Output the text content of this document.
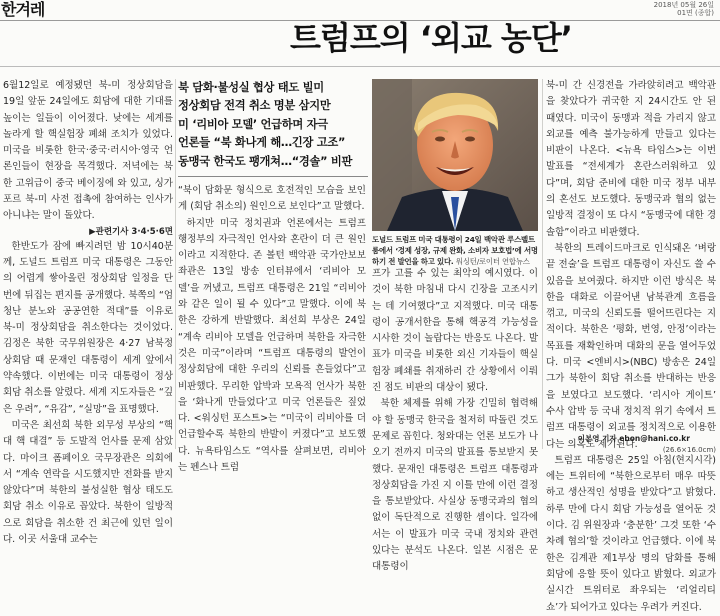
한겨레	2018년 05월 26일
01면 (종합)
트럼프의 ‘외교 농단’

6월12일로 예정됐던 북-미 정상회담을 19일 앞둔 24일에도 회담에 대한 기대를 높이는 일들이 이어졌다. 낮에는 세계를 놀라게 할 핵실험장 폐쇄 조치가 있었다. 미국을 비롯한 한국·중국·러시아·영국 언론인들이 현장을 목격했다. 저녁에는 북한 고위급이 중국 베이징에 와 있고, 싱가포르 북-미 사전 접촉에 참여하는 인사가 아니냐는 말이 돌았다.

▶관련기사 3·4·5·6면

한반도가 잠에 빠지려던 밤 10시40분께, 도널드 트럼프 미국 대통령은 그동안의 어렵게 쌓아올린 정상회담 일정을 단번에 뒤집는 편지를 공개했다. 북쪽의 “엄청난 분노와 공공연한 적대”를 이유로 북-미 정상회담을 취소한다는 것이었다. 김정은 북한 국무위원장은 4·27 남북정상회담 때 문재인 대통령이 세계 앞에서 약속했다. 이번에는 미국 대통령이 정상회담 취소를 알렸다. 세계 지도자들은 “깊은 우려”, “유감”, “실망”을 표명했다.

미국은 최선희 북한 외무성 부상의 “핵 대 핵 대결” 등 도발적 언사를 문제 삼았다. 마이크 폼페이오 국무장관은 의회에서 “계속 연락을 시도했지만 전화를 받지 않았다”며 북한의 불성실한 협상 태도도 회담 취소 이유로 꼽았다. 북한이 일방적으로 회담을 취소한 건 최근에 있던 일이다. 이곳 서울대 교수는

북 담화·불성실 협상 태도 빌미
정상회담 전격 취소 명분 삼지만
미 ‘리비아 모델’ 언급하며 자극
언론들 “북 화나게 해…긴장 고조”
동맹국 한국도 팽개쳐…“경솔” 비판

“북이 담화문 형식으로 호전적인 모습을 보인 게 (회담 취소의) 원인으로 보인다”고 말했다.

하지만 미국 정치권과 언론에서는 트럼프 행정부의 자극적인 언사와 혼란이 더 큰 원인이라고 지적한다. 존 볼턴 백악관 국가안보보좌관은 13일 방송 인터뷰에서 ‘리비아 모델’을 꺼냈고, 트럼프 대통령은 21일 “리비아와 같은 일이 될 수 있다”고 말했다. 이에 북한은 강하게 반발했다. 최선희 부상은 24일 “계속 리비아 모델을 언급하며 북한을 자극한 것은 미국”이라며 “트럼프 대통령의 발언이 정상회담에 대한 우리의 신뢰를 흔들었다”고 비판했다. 무리한 압박과 모욕적 언사가 북한을 ‘화나게 만들었다’고 미국 언론들은 짚었다. <워싱턴 포스트>는 “미국이 리비아를 더 언급할수록 북한의 반발이 커졌다”고 보도했다. 뉴욕타임스도 “역사를 살펴보면, 리비아는 펜스나 트럼

도널드 트럼프 미국 대통령이 24일 백악관 루스벨트룸에서 ‘경제 성장, 규제 완화, 소비자 보호법’에 서명하기 전 발언을 하고 있다. 워싱턴/로이터 연합뉴스

프가 고를 수 있는 최악의 예시였다. 이것이 북한 마침내 다시 긴장을 고조시키는 데 기여했다”고 지적했다. 미국 대통령이 공개서한을 통해 핵공격 가능성을 시사한 것이 놀랍다는 반응도 나온다. 발표가 미국을 비롯한 외신 기자들이 핵실험장 폐쇄를 취재하러 간 상황에서 이뤄진 점도 비판의 대상이 됐다.

북한 체제를 위해 가장 긴밀히 협력해야 할 동맹국 한국을 철저히 따돌린 것도 문제로 꼽힌다. 청와대는 언론 보도가 나오기 전까지 미국의 발표를 통보받지 못했다. 문재인 대통령은 트럼프 대통령과 정상회담을 가진 지 이틀 만에 이런 결정을 통보받았다. 사실상 동맹국과의 협의 없이 독단적으로 진행한 셈이다. 일각에서는 이 발표가 미국 국내 정치와 관련 있다는 분석도 나온다. 일본 시점은 문 대통령이

북-미 간 신경전을 가라앉히려고 백악관을 찾았다가 귀국한 지 24시간도 안 된 때였다. 미국이 동맹과 적을 가리지 않고 외교를 예측 불가능하게 만들고 있다는 비판이 나온다. <뉴욕 타임스>는 이번 발표를 “전세계가 혼란스러워하고 있다”며, 회담 준비에 대한 미국 정부 내부의 혼선도 보도했다. 동맹국과 협의 없는 일방적 결정이 또 다시 “동맹국에 대한 경솔함”이라고 비판했다.

북한의 트레이드마크로 인식돼온 ‘벼랑끝 전술’을 트럼프 대통령이 자신도 쓸 수 있음을 보여줬다. 하지만 이런 방식은 북한을 대화로 이끌어낸 남북관계 흐름을 꺾고, 미국의 신뢰도를 떨어뜨린다는 지적이다. 북한은 ‘평화, 번영, 안정’이라는 목표를 재확인하며 대화의 문을 열어두었다. 미국 <엔비시>(NBC) 방송은 24일 그가 북한이 회담 취소를 반대하는 반응을 보였다고 보도했다. ‘리시아 게이트’ 수사 압박 등 국내 정치적 위기 속에서 트럼프 대통령이 외교를 정치적으로 이용한다는 의혹도 제기된다.

트럼프 대통령은 25일 아침(현지시각)에는 트위터에 “북한으로부터 매우 따뜻하고 생산적인 성명을 받았다”고 밝혔다. 하루 만에 다시 회담 가능성을 열어둔 것이다. 김 위원장과 ‘충분한’ 그것 또한 ‘수차례 협의’할 것이라고 언급했다. 이에 북한은 김계관 제1부상 명의 담화를 통해 회담에 응할 뜻이 있다고 밝혔다. 외교가 실시간 트위터로 좌우되는 ‘리얼리티 쇼’가 되어가고 있다는 우려가 커진다.

이본영 기자 ebon@hani.co.kr
(26.6×16.0cm)
